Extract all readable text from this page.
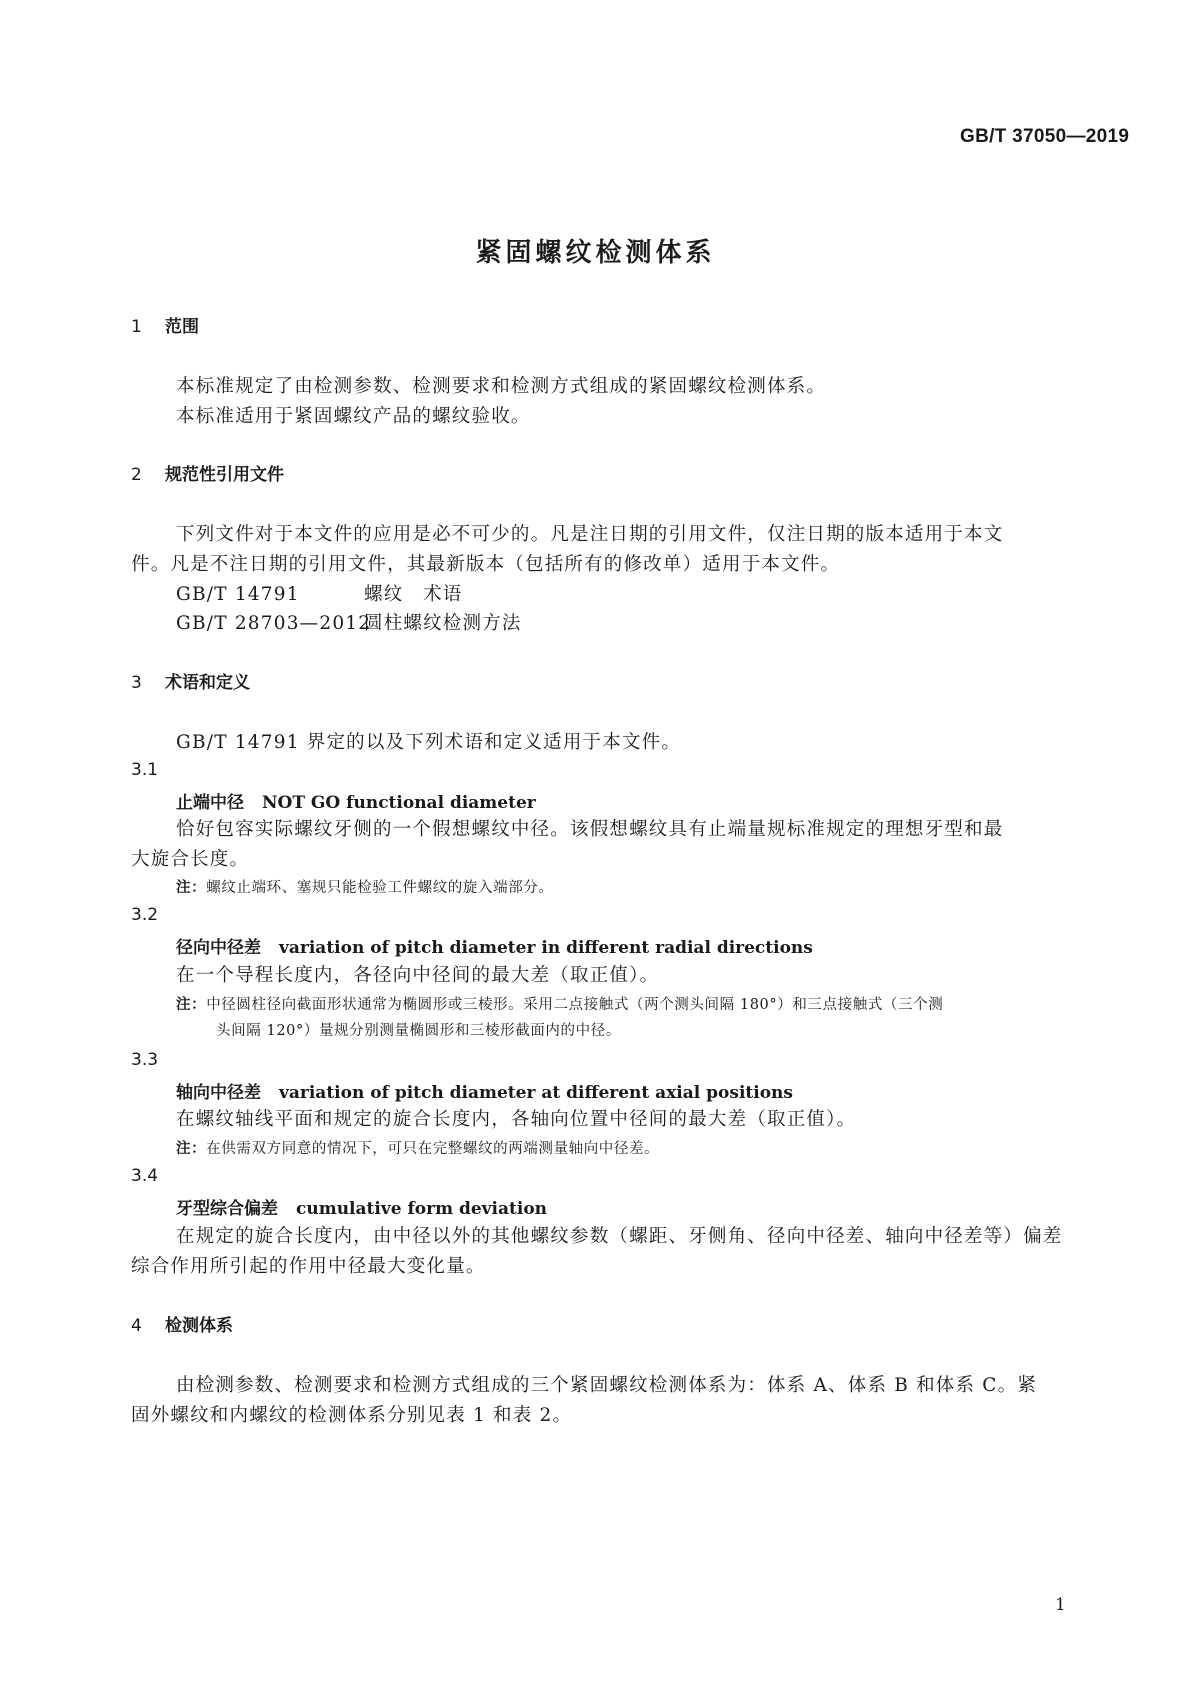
GB/T 37050—2019
紧固螺纹检测体系
1 范围
本标准规定了由检测参数、检测要求和检测方式组成的紧固螺纹检测体系。
本标准适用于紧固螺纹产品的螺纹验收。
2 规范性引用文件
下列文件对于本文件的应用是必不可少的。凡是注日期的引用文件，仅注日期的版本适用于本文
件。凡是不注日期的引用文件，其最新版本（包括所有的修改单）适用于本文件。
GB/T 14791	螺纹　术语
GB/T 28703—2012圆柱螺纹检测方法
3 术语和定义
GB/T 14791 界定的以及下列术语和定义适用于本文件。
3.1
止端中径 NOT GO functional diameter
恰好包容实际螺纹牙侧的一个假想螺纹中径。该假想螺纹具有止端量规标准规定的理想牙型和最
大旋合长度。
注：螺纹止端环、塞规只能检验工件螺纹的旋入端部分。
3.2
径向中径差 variation of pitch diameter in different radial directions
在一个导程长度内，各径向中径间的最大差（取正值）。
注：中径圆柱径向截面形状通常为椭圆形或三棱形。采用二点接触式（两个测头间隔 180°）和三点接触式（三个测
头间隔 120°）量规分别测量椭圆形和三棱形截面内的中径。
3.3
轴向中径差 variation of pitch diameter at different axial positions
在螺纹轴线平面和规定的旋合长度内，各轴向位置中径间的最大差（取正值）。
注：在供需双方同意的情况下，可只在完整螺纹的两端测量轴向中径差。
3.4
牙型综合偏差 cumulative form deviation
在规定的旋合长度内，由中径以外的其他螺纹参数（螺距、牙侧角、径向中径差、轴向中径差等）偏差
综合作用所引起的作用中径最大变化量。
4 检测体系
由检测参数、检测要求和检测方式组成的三个紧固螺纹检测体系为：体系 A、体系 B 和体系 C。紧
固外螺纹和内螺纹的检测体系分别见表 1 和表 2。
1
